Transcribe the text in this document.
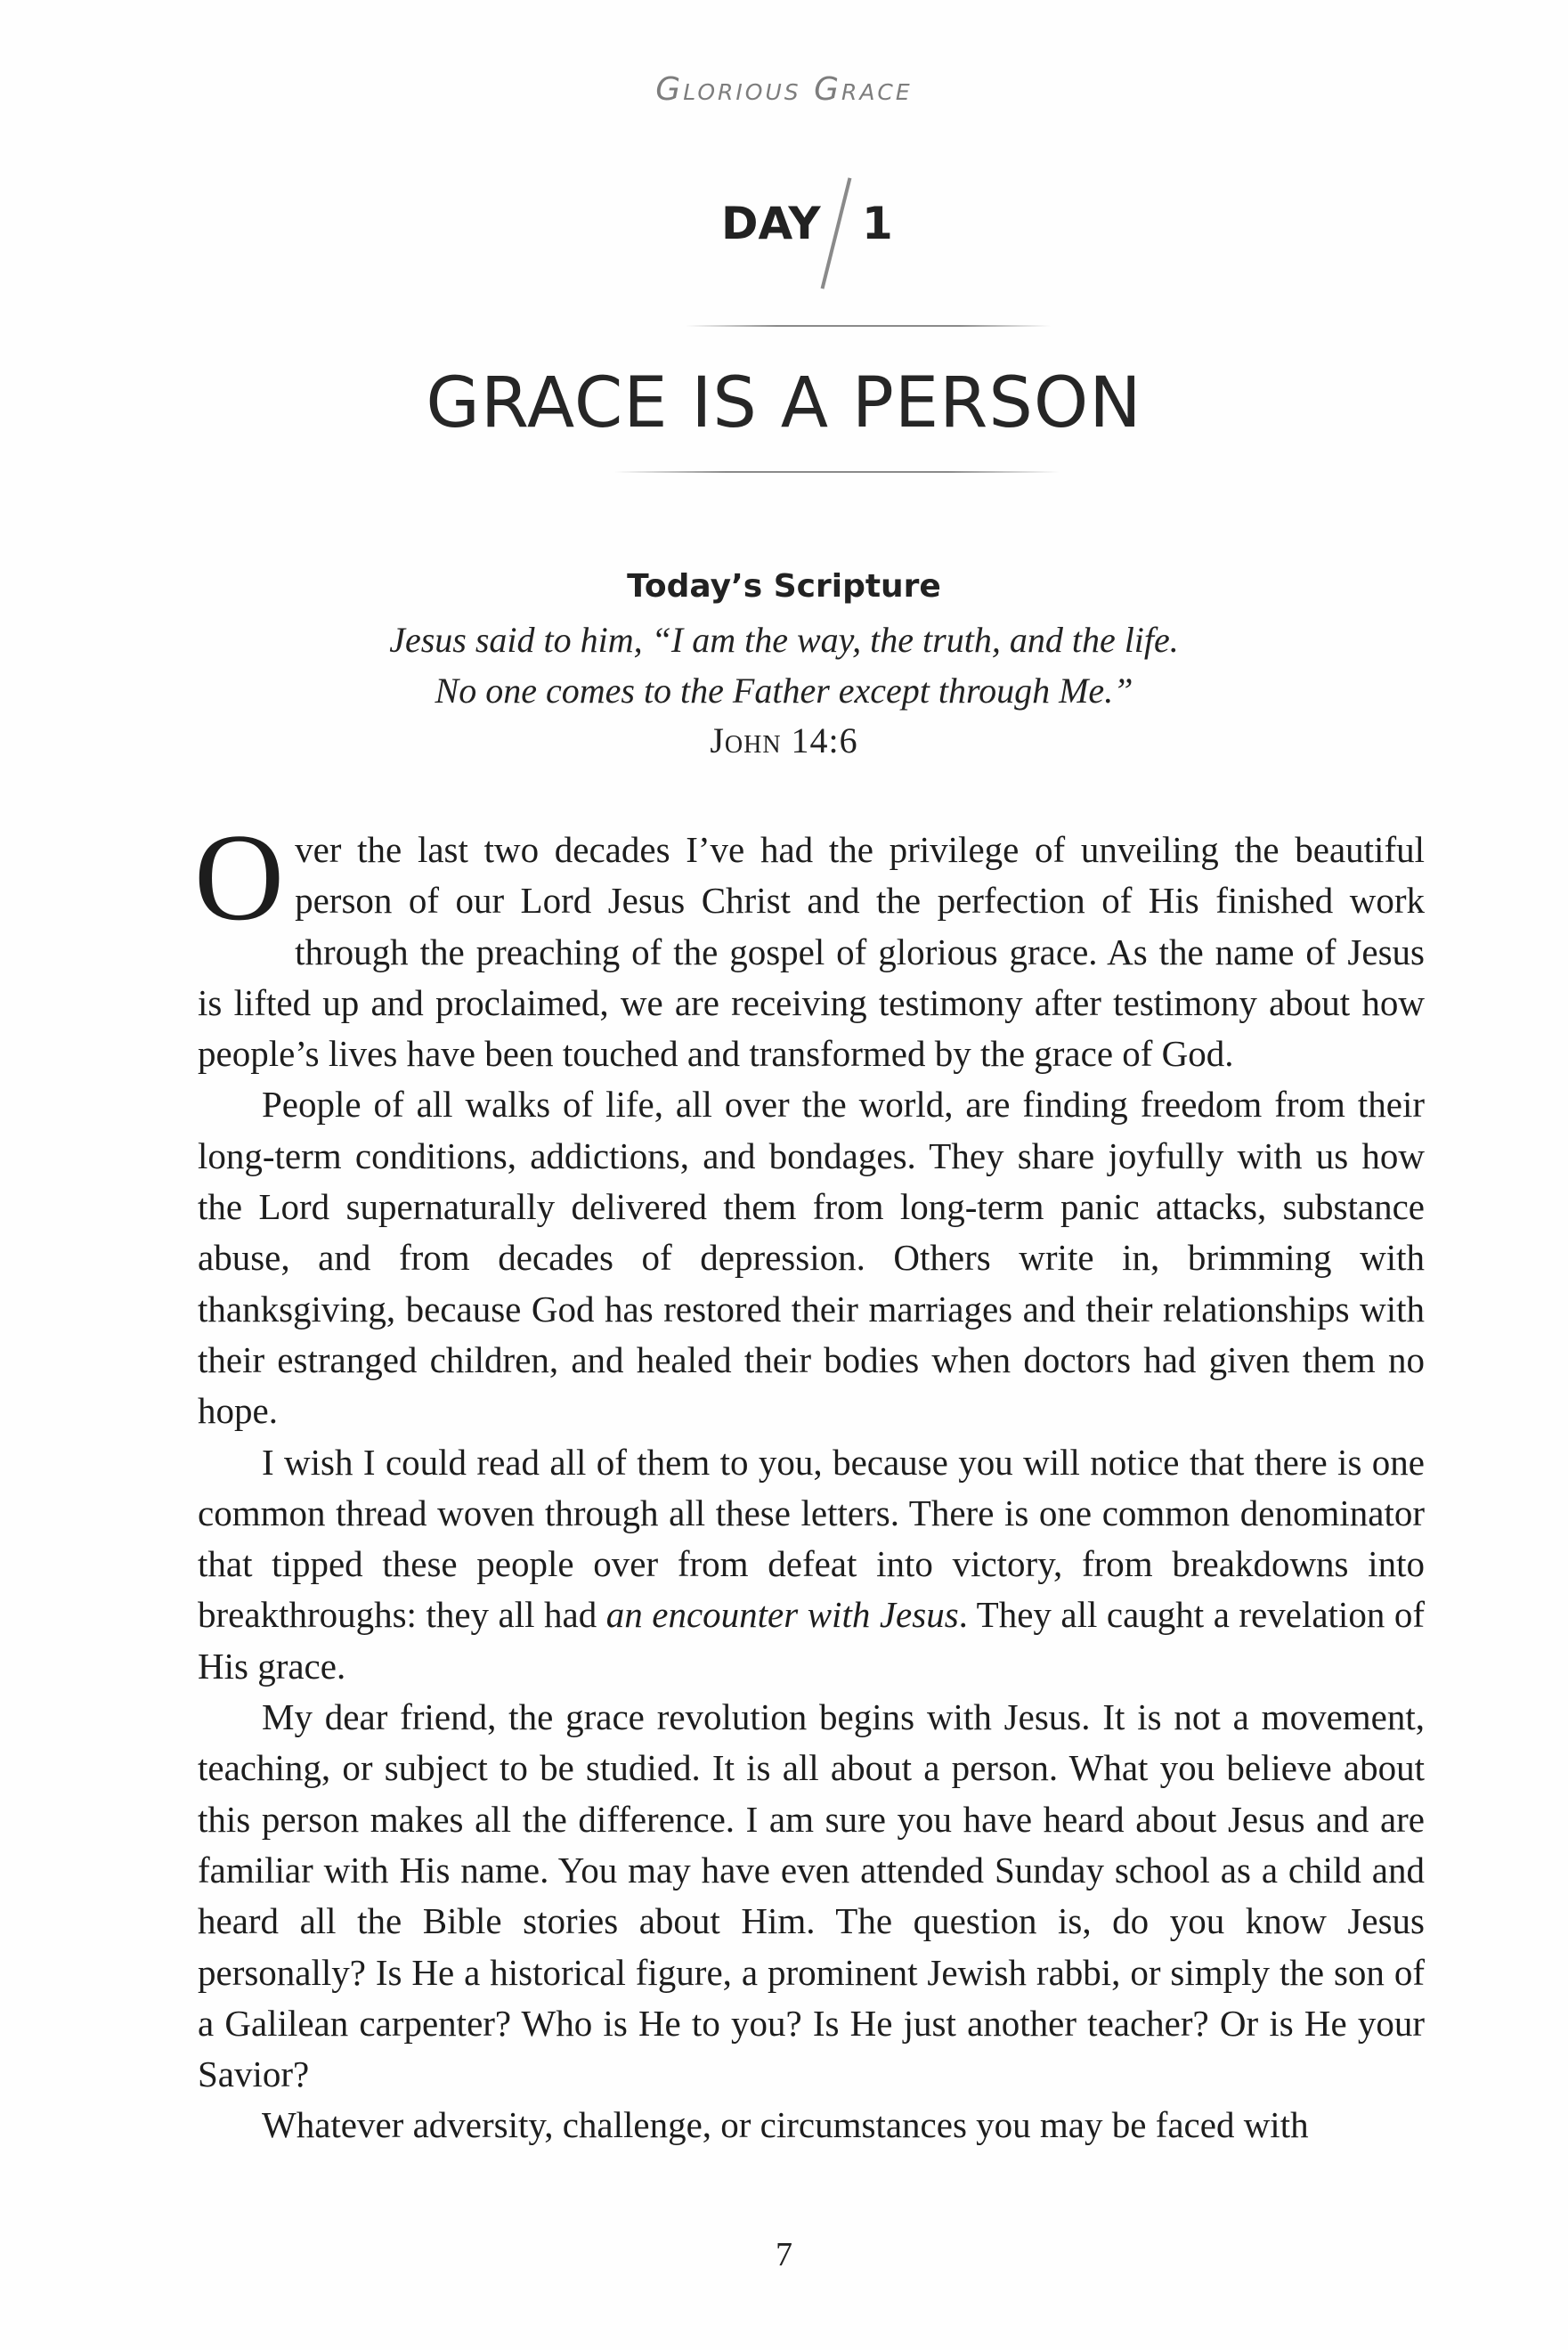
Glorious Grace
DAY 1
GRACE IS A PERSON
Today’s Scripture
Jesus said to him, “I am the way, the truth, and the life.
No one comes to the Father except through Me.”
John 14:6

Over the last two decades I’ve had the privilege of unveiling the beautiful person of our Lord Jesus Christ and the perfection of His finished work through the preaching of the gospel of glorious grace. As the name of Jesus is lifted up and proclaimed, we are receiving testimony after testimony about how people’s lives have been touched and transformed by the grace of God.

People of all walks of life, all over the world, are finding freedom from their long-term conditions, addictions, and bondages. They share joyfully with us how the Lord supernaturally delivered them from long-term panic attacks, substance abuse, and from decades of depression. Others write in, brimming with thanksgiving, because God has restored their marriages and their relationships with their estranged children, and healed their bodies when doctors had given them no hope.

I wish I could read all of them to you, because you will notice that there is one common thread woven through all these letters. There is one common denominator that tipped these people over from defeat into victory, from breakdowns into breakthroughs: they all had an encounter with Jesus. They all caught a revelation of His grace.

My dear friend, the grace revolution begins with Jesus. It is not a movement, teaching, or subject to be studied. It is all about a person. What you believe about this person makes all the difference. I am sure you have heard about Jesus and are familiar with His name. You may have even attended Sunday school as a child and heard all the Bible stories about Him. The question is, do you know Jesus personally? Is He a historical figure, a prominent Jewish rabbi, or simply the son of a Galilean carpenter? Who is He to you? Is He just another teacher? Or is He your Savior?

Whatever adversity, challenge, or circumstances you may be faced with

7
